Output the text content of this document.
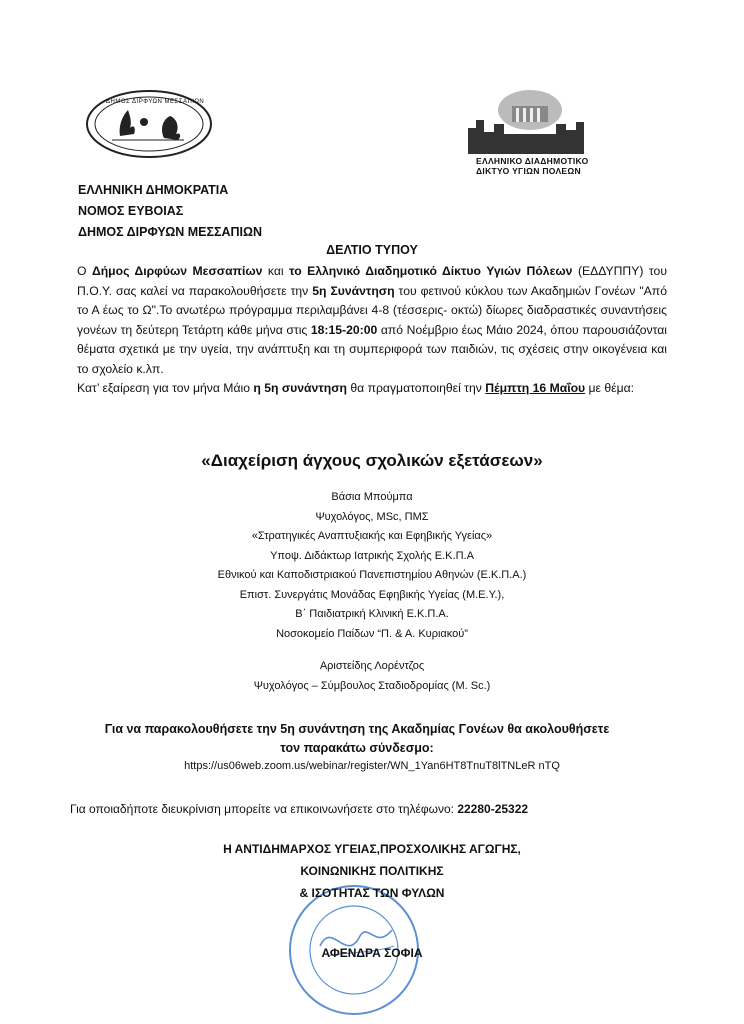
ΔΗΜΟΣ ΔΙΡΦΥΩΝ ΜΕΣΣΑΠΙΩΝ
ΕΛΛΗΝΙΚΟ ΔΙΑΔΗΜΟΤΙΚΟ
ΔΙΚΤΥΟ ΥΓΙΩΝ ΠΟΛΕΩΝ
ΕΛΛΗΝΙΚΗ ΔΗΜΟΚΡΑΤΙΑ
ΝΟΜΟΣ ΕΥΒΟΙΑΣ
ΔΗΜΟΣ ΔΙΡΦΥΩΝ ΜΕΣΣΑΠΙΩΝ
ΔΕΛΤΙΟ ΤΥΠΟΥ
Ο Δήμος Διρφύων Μεσσαπίων και το Ελληνικό Διαδημοτικό Δίκτυο Υγιών Πόλεων (ΕΔΔΥΠΠΥ) του Π.Ο.Υ. σας καλεί να παρακολουθήσετε την 5η Συνάντηση του φετινού κύκλου των Ακαδημιών Γονέων "Από το Α έως το Ω".Το ανωτέρω πρόγραμμα περιλαμβάνει 4-8 (τέσσερις- οκτώ) δίωρες διαδραστικές συναντήσεις γονέων τη δεύτερη Τετάρτη κάθε μήνα στις 18:15-20:00 από Νοέμβριο έως Μάιο 2024, όπου παρουσιάζονται θέματα σχετικά με την υγεία, την ανάπτυξη και τη συμπεριφορά των παιδιών, τις σχέσεις στην οικογένεια και το σχολείο κ.λπ.
Κατ’ εξαίρεση για τον μήνα Μάιο η 5η συνάντηση θα πραγματοποιηθεί την Πέμπτη 16 Μαΐου με θέμα:
«Διαχείριση άγχους σχολικών εξετάσεων»
Βάσια Μπούμπα
Ψυχολόγος, MSc, ΠΜΣ
«Στρατηγικές Αναπτυξιακής και Εφηβικής Υγείας»
Υποψ. Διδάκτωρ Ιατρικής Σχολής Ε.Κ.Π.Α
Εθνικού και Καποδιστριακού Πανεπιστημίου Αθηνών (Ε.Κ.Π.Α.)
Επιστ. Συνεργάτις Μονάδας Εφηβικής Υγείας (Μ.Ε.Υ.),
Β΄ Παιδιατρική Κλινική Ε.Κ.Π.Α.
Νοσοκομείο Παίδων “Π. & Α. Κυριακού”
Αριστείδης Λορέντζος
Ψυχολόγος – Σύμβουλος Σταδιοδρομίας (M. Sc.)
Για να παρακολουθήσετε την 5η συνάντηση της Ακαδημίας Γονέων θα ακολουθήσετε
τον παρακάτω σύνδεσμο:
https://us06web.zoom.us/webinar/register/WN_1Yan6HT8TnuT8lTNLeR nTQ
Για οποιαδήποτε διευκρίνιση μπορείτε να επικοινωνήσετε στο τηλέφωνο: 22280-25322
Η ΑΝΤΙΔΗΜΑΡΧΟΣ ΥΓΕΙΑΣ,ΠΡΟΣΧΟΛΙΚΗΣ ΑΓΩΓΗΣ,
ΚΟΙΝΩΝΙΚΗΣ ΠΟΛΙΤΙΚΗΣ
& ΙΣΟΤΗΤΑΣ ΤΩΝ ΦΥΛΩΝ
ΑΦΕΝΔΡΑ ΣΟΦΙΑ
